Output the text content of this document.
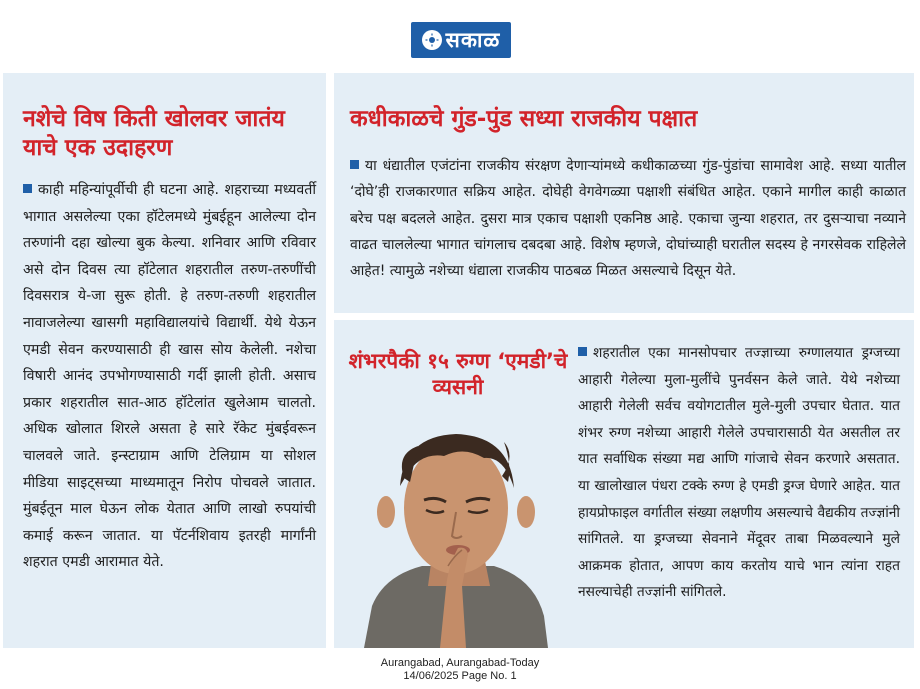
सकाळ
नशेचे विष किती खोलवर जातंय याचे एक उदाहरण

काही महिन्यांपूर्वीची ही घटना आहे. शहराच्या मध्यवर्ती भागात असलेल्या एका हॉटेलमध्ये मुंबईहून आलेल्या दोन तरुणांनी दहा खोल्या बुक केल्या. शनिवार आणि रविवार असे दोन दिवस त्या हॉटेलात शहरातील तरुण-तरुणींची दिवसरात्र ये-जा सुरू होती. हे तरुण-तरुणी शहरातील नावाजलेल्या खासगी महाविद्यालयांचे विद्यार्थी. येथे येऊन एमडी सेवन करण्यासाठी ही खास सोय केलेली. नशेचा विषारी आनंद उपभोगण्यासाठी गर्दी झाली होती. असाच प्रकार शहरातील सात-आठ हॉटेलांत खुलेआम चालतो. अधिक खोलात शिरले असता हे सारे रॅकेट मुंबईवरून चालवले जाते. इन्स्टाग्राम आणि टेलिग्राम या सोशल मीडिया साइट्सच्या माध्यमातून निरोप पोचवले जातात. मुंबईतून माल घेऊन लोक येतात आणि लाखो रुपयांची कमाई करून जातात. या पॅटर्नशिवाय इतरही मार्गांनी शहरात एमडी आरामात येते.

कधीकाळचे गुंड-पुंड सध्या राजकीय पक्षात

या धंद्यातील एजंटांना राजकीय संरक्षण देणाऱ्यांमध्ये कधीकाळच्या गुंड-पुंडांचा सामावेश आहे. सध्या यातील ‘दोघे’ही राजकारणात सक्रिय आहेत. दोघेही वेगवेगळ्या पक्षाशी संबंधित आहेत. एकाने मागील काही काळात बरेच पक्ष बदलले आहेत. दुसरा मात्र एकाच पक्षाशी एकनिष्ठ आहे. एकाचा जुन्या शहरात, तर दुसऱ्याचा नव्याने वाढत चाललेल्या भागात चांगलाच दबदबा आहे. विशेष म्हणजे, दोघांच्याही घरातील सदस्य हे नगरसेवक राहिलेले आहेत! त्यामुळे नशेच्या धंद्याला राजकीय पाठबळ मिळत असल्याचे दिसून येते.

शंभरपैकी १५ रुग्ण ‘एमडी’चे व्यसनी

शहरातील एका मानसोपचार तज्ज्ञाच्या रुग्णालयात ड्रग्जच्या आहारी गेलेल्या मुला-मुलींचे पुनर्वसन केले जाते. येथे नशेच्या आहारी गेलेली सर्वच वयोगटातील मुले-मुली उपचार घेतात. यात शंभर रुग्ण नशेच्या आहारी गेलेले उपचारासाठी येत असतील तर यात सर्वाधिक संख्या मद्य आणि गांजाचे सेवन करणारे असतात. या खालोखाल पंधरा टक्के रुग्ण हे एमडी ड्रग्ज घेणारे आहेत. यात हायप्रोफाइल वर्गातील संख्या लक्षणीय असल्याचे वैद्यकीय तज्ज्ञांनी सांगितले. या ड्रग्जच्या सेवनाने मेंदूवर ताबा मिळवल्याने मुले आक्रमक होतात, आपण काय करतोय याचे भान त्यांना राहत नसल्याचेही तज्ज्ञांनी सांगितले.

Aurangabad, Aurangabad-Today
14/06/2025 Page No. 1
